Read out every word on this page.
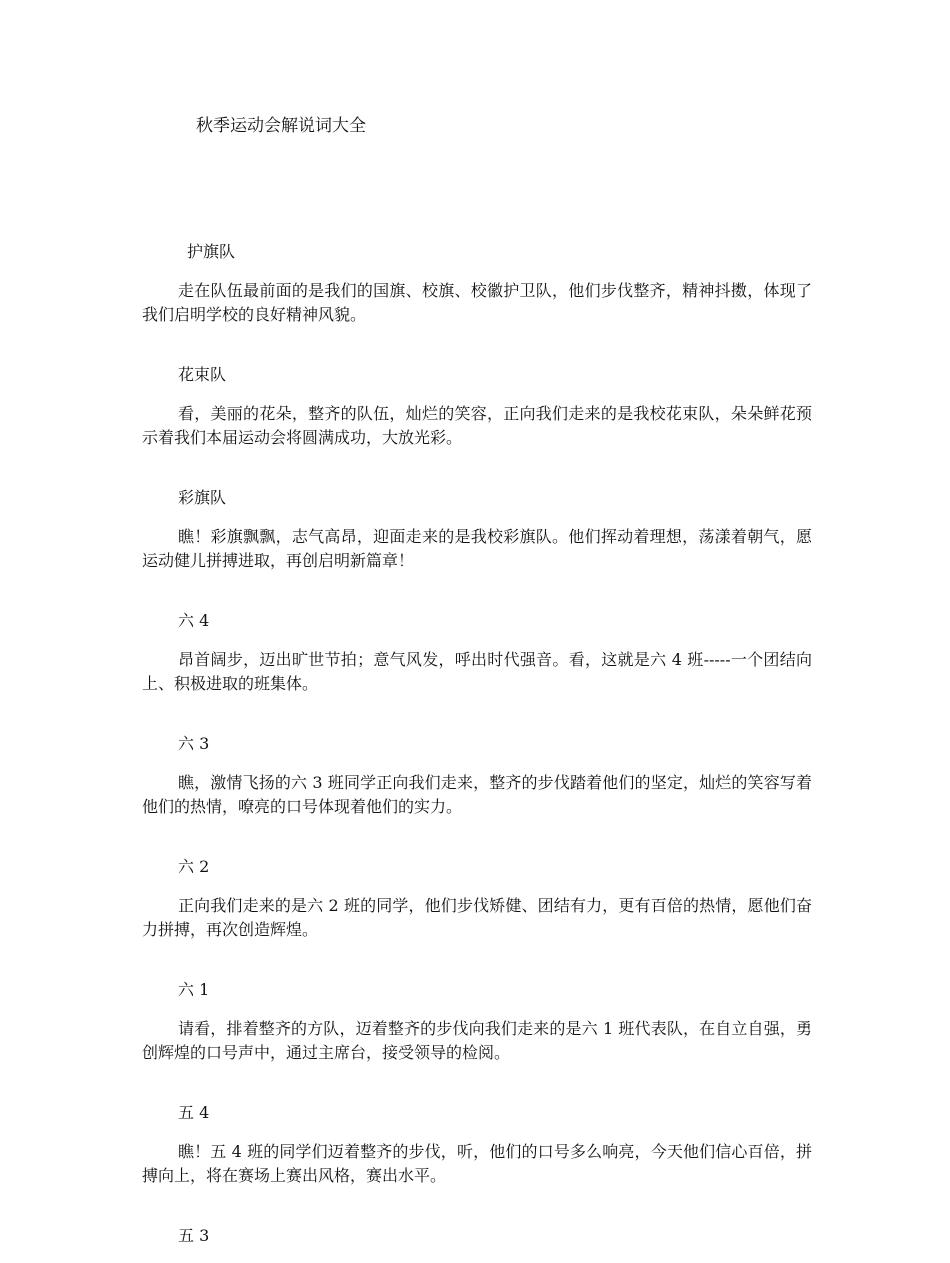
秋季运动会解说词大全
护旗队

走在队伍最前面的是我们的国旗、校旗、校徽护卫队，他们步伐整齐，精神抖擞，体现了我们启明学校的良好精神风貌。

花束队

看，美丽的花朵，整齐的队伍，灿烂的笑容，正向我们走来的是我校花束队，朵朵鲜花预示着我们本届运动会将圆满成功，大放光彩。

彩旗队

瞧！彩旗飘飘，志气高昂，迎面走来的是我校彩旗队。他们挥动着理想，荡漾着朝气，愿运动健儿拼搏进取，再创启明新篇章！

六 4

昂首阔步，迈出旷世节拍；意气风发，呼出时代强音。看，这就是六 4 班-----一个团结向上、积极进取的班集体。

六 3

瞧，激情飞扬的六 3 班同学正向我们走来，整齐的步伐踏着他们的坚定，灿烂的笑容写着他们的热情，嘹亮的口号体现着他们的实力。

六 2

正向我们走来的是六 2 班的同学，他们步伐矫健、团结有力，更有百倍的热情，愿他们奋力拼搏，再次创造辉煌。

六 1

请看，排着整齐的方队，迈着整齐的步伐向我们走来的是六 1 班代表队，在自立自强，勇创辉煌的口号声中，通过主席台，接受领导的检阅。

五 4

瞧！五 4 班的同学们迈着整齐的步伐，听，他们的口号多么响亮，今天他们信心百倍，拼搏向上，将在赛场上赛出风格，赛出水平。

五 3
